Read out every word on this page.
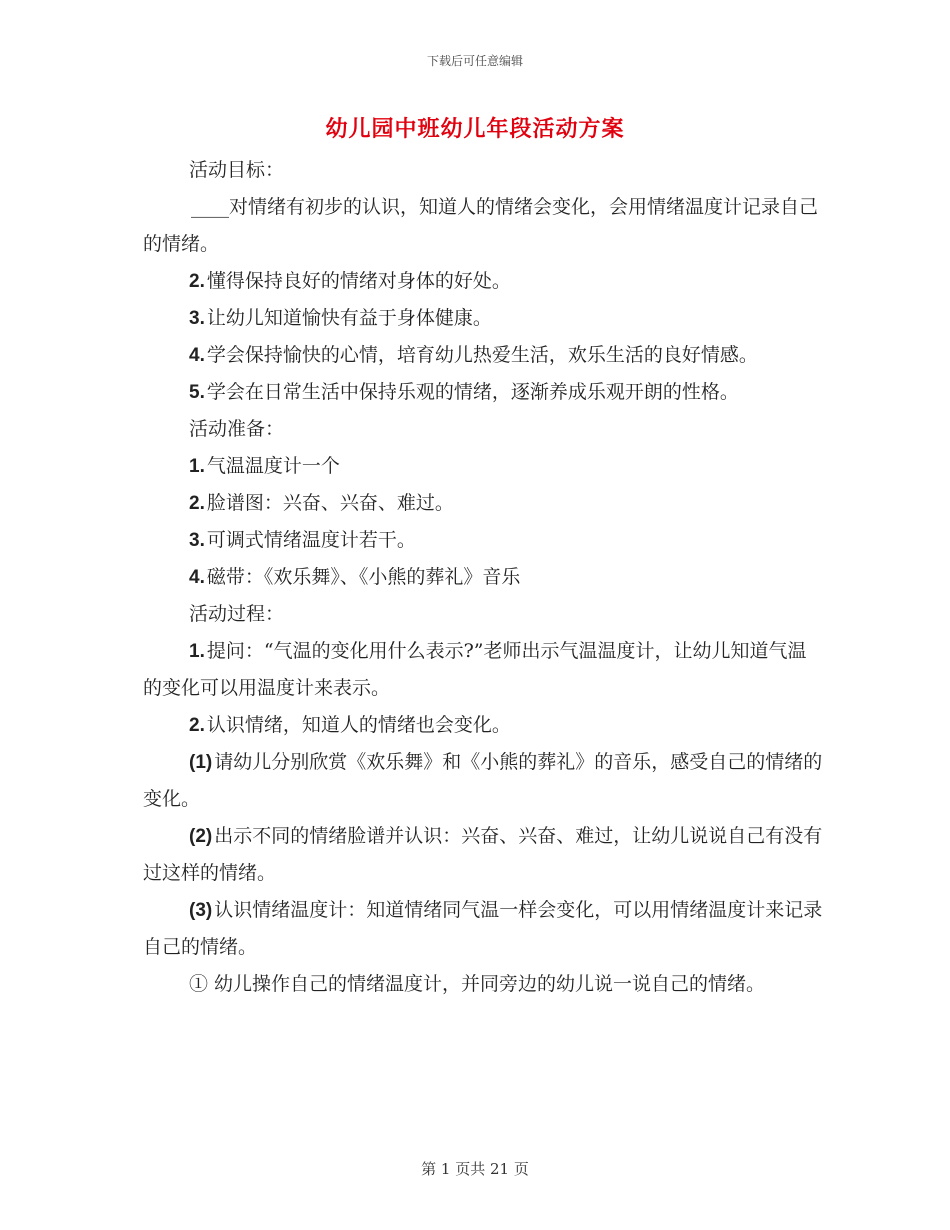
下载后可任意编辑
幼儿园中班幼儿年段活动方案

活动目标：

____对情绪有初步的认识，知道人的情绪会变化，会用情绪温度计记录自己的情绪。

2. 懂得保持良好的情绪对身体的好处。

3. 让幼儿知道愉快有益于身体健康。

4. 学会保持愉快的心情，培育幼儿热爱生活，欢乐生活的良好情感。

5. 学会在日常生活中保持乐观的情绪，逐渐养成乐观开朗的性格。

活动准备：

1. 气温温度计一个

2. 脸谱图：兴奋、兴奋、难过。

3. 可调式情绪温度计若干。

4. 磁带：《欢乐舞》、《小熊的葬礼》音乐

活动过程：

1. 提问：“气温的变化用什么表示?”老师出示气温温度计，让幼儿知道气温的变化可以用温度计来表示。

2. 认识情绪，知道人的情绪也会变化。

(1) 请幼儿分别欣赏《欢乐舞》和《小熊的葬礼》的音乐，感受自己的情绪的变化。

(2) 出示不同的情绪脸谱并认识：兴奋、兴奋、难过，让幼儿说说自己有没有过这样的情绪。

(3) 认识情绪温度计：知道情绪同气温一样会变化，可以用情绪温度计来记录自己的情绪。

① 幼儿操作自己的情绪温度计，并同旁边的幼儿说一说自己的情绪。

第 1 页共 21 页
